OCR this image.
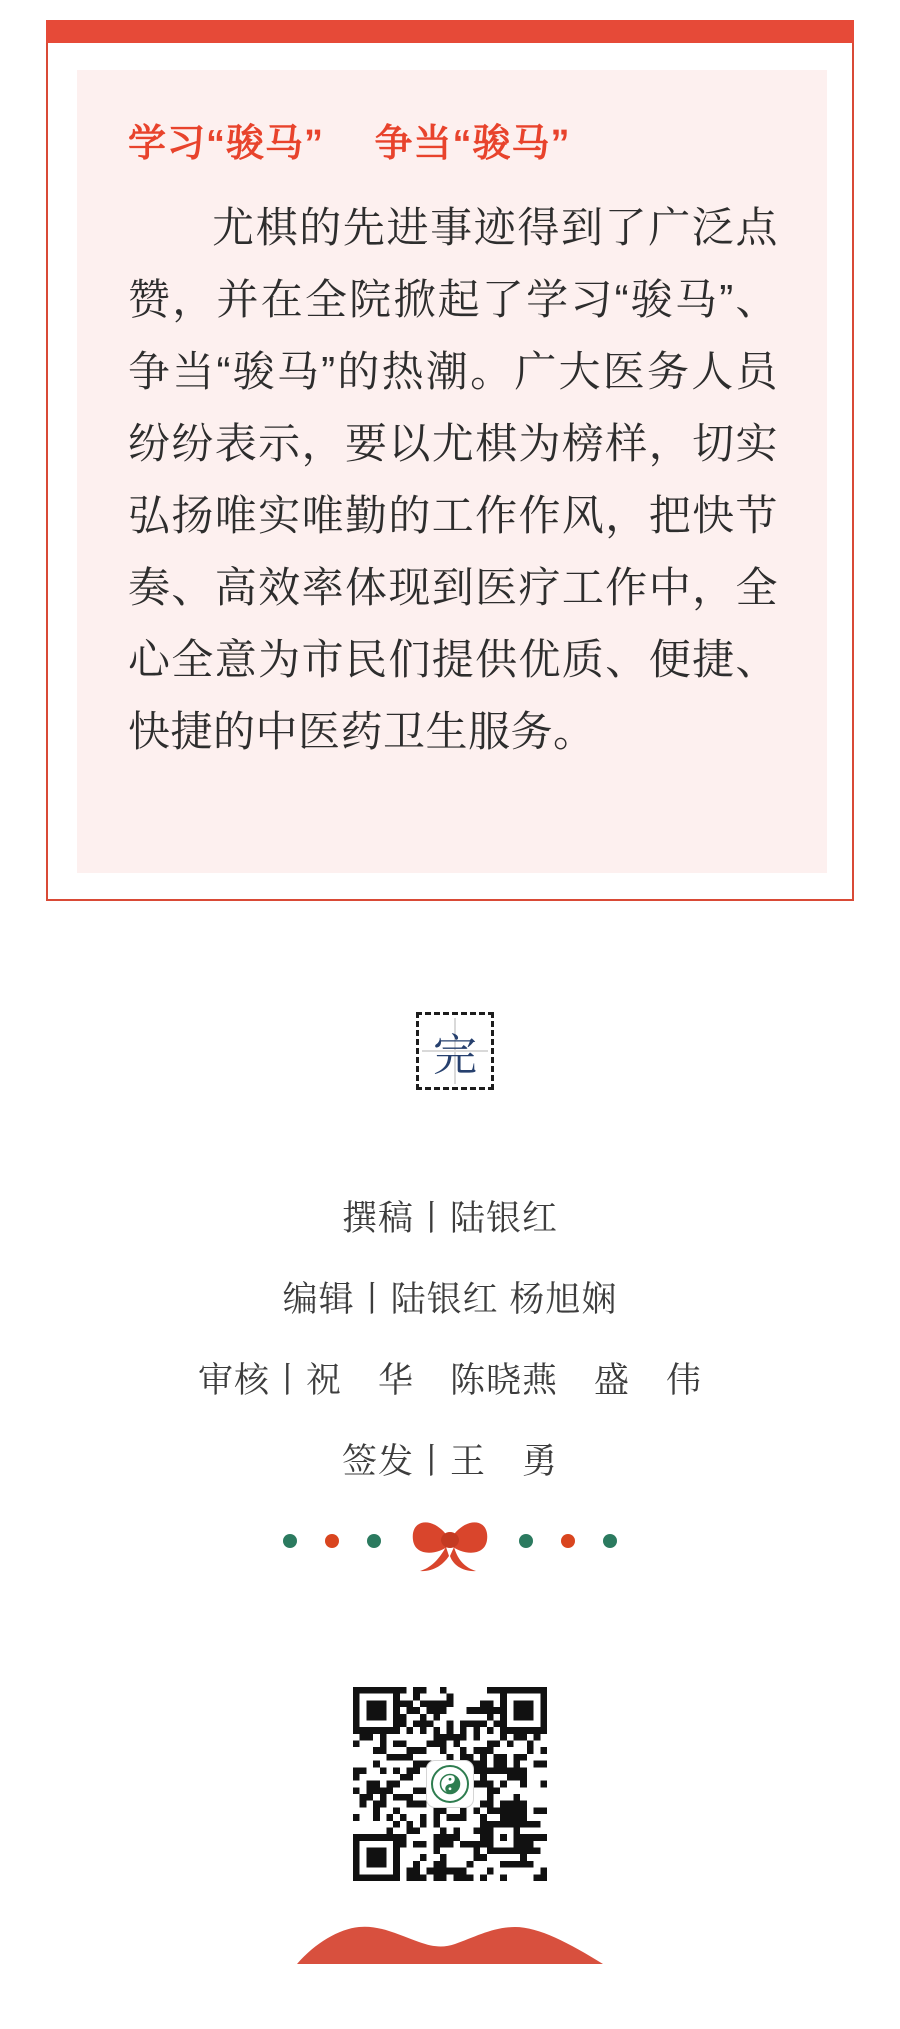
学习“骏马”　 争当“骏马”
尤棋的先进事迹得到了广泛点赞，并在全院掀起了学习“骏马”、争当“骏马”的热潮。广大医务人员纷纷表示，要以尤棋为榜样，切实弘扬唯实唯勤的工作作风，把快节奏、高效率体现到医疗工作中，全心全意为市民们提供优质、便捷、快捷的中医药卫生服务。
完
撰稿丨陆银红
编辑丨陆银红 杨旭娴
审核丨祝　华　陈晓燕　盛　伟
签发丨王　勇
